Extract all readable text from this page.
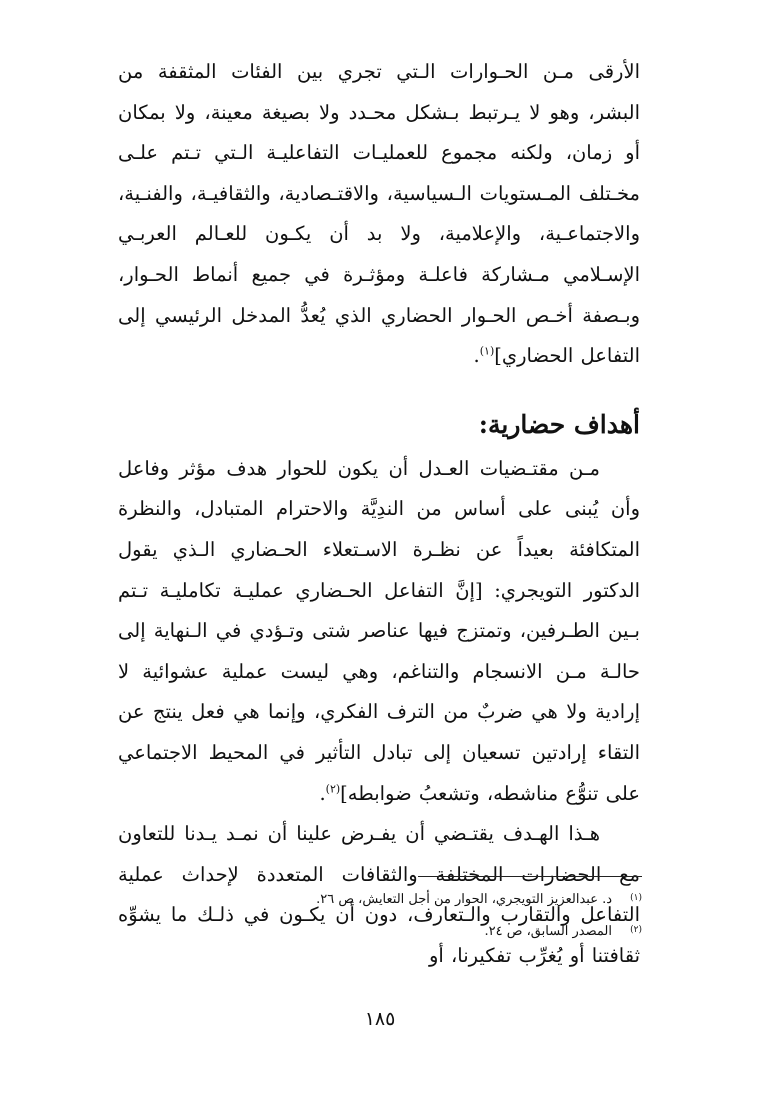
الأرقى مـن الحـوارات الـتي تجري بين الفئات المثقفة من البشر، وهو لا يـرتبط بـشكل محـدد ولا بصيغة معينة، ولا بمكان أو زمان، ولكنه مجموع للعمليـات التفاعليـة الـتي تـتم علـى مخـتلف المـستويات الـسياسية، والاقتـصادية، والثقافيـة، والفنـية، والاجتماعـية، والإعلامية، ولا بد أن يكـون للعـالم العربـي الإسـلامي مـشاركة فاعلـة ومؤثـرة في جميع أنماط الحـوار، وبـصفة أخـص الحـوار الحضاري الذي يُعدُّ المدخل الرئيسي إلى التفاعل الحضاري]$^{(١)}$.

أهداف حضارية:

مـن مقتـضيات العـدل أن يكون للحوار هدف مؤثر وفاعل وأن يُبنى على أساس من الندِيَّة والاحترام المتبادل، والنظرة المتكافئة بعيداً عن نظـرة الاسـتعلاء الحـضاري الـذي يقول الدكتور التويجري: [إنَّ التفاعل الحـضاري عمليـة تكامليـة تـتم بـين الطـرفين، وتمتزج فيها عناصر شتى وتـؤدي في الـنهاية إلى حالـة مـن الانسجام والتناغم، وهي ليست عملية عشوائية لا إرادية ولا هي ضربٌ من الترف الفكري، وإنما هي فعل ينتج عن التقاء إرادتين تسعيان إلى تبادل التأثير في المحيط الاجتماعي على تنوُّع مناشطه، وتشعبُ ضوابطه]$^{(٢)}$.

هـذا الهـدف يقتـضي أن يفـرض علينا أن نمـد يـدنا للتعاون مع الحضارات المختلفة والثقافات المتعددة لإحداث عملية التفاعل والتقارب والـتعارف، دون أن يكـون في ذلـك ما يشوِّه ثقافتنا أو يُغرِّب تفكيرنا، أو

(١)
د. عبدالعزيز التويجري، الحوار من أجل التعايش، ص ٢٦.
(٢)
المصدر السابق، ص ٢٤.
١٨٥
